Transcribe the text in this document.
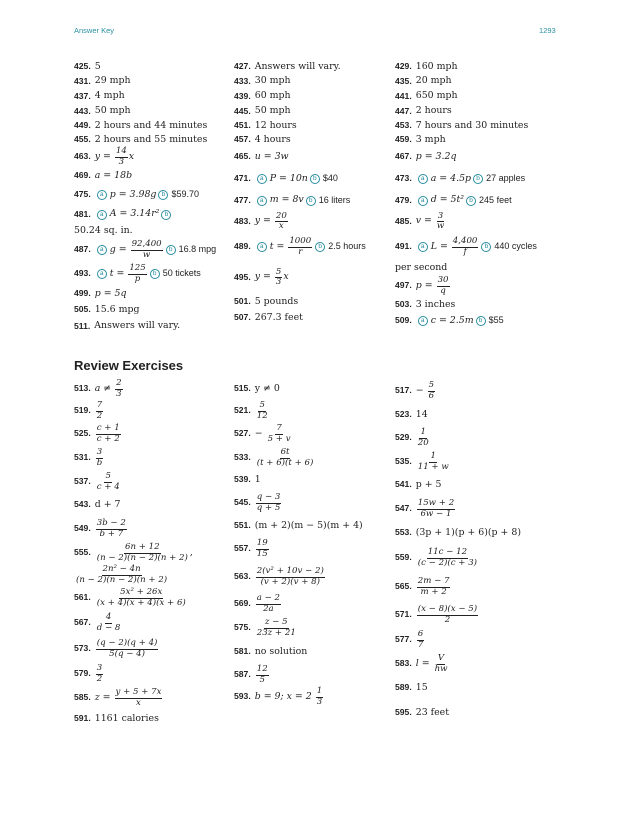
Answer Key	1293
425. 5
431. 29 mph
437. 4 mph
443. 50 mph
449. 2 hours and 44 minutes
455. 2 hours and 55 minutes
463. $y = \frac{14}{3}$ x
469. a = 18b
475.	a p = 3.98g b $59.70
481.	a A = 3.14r² b
50.24 sq. in.
487.	a $g = \frac{92,400}{w}$ b 16.8 mpg
493.	a $t = \frac{125}{p}$ b 50 tickets
499. p = 5q
505. 15.6 mpg
511. Answers will vary.
427. Answers will vary.
433. 30 mph
439. 60 mph
445. 50 mph
451. 12 hours
457. 4 hours
465. u = 3w
471.	a P = 10n b $40
477.	a m = 8v b 16 liters
483. $y = \frac{20}{x}$
489.	a $t = \frac{1000}{r}$ b 2.5 hours
495. $y = \frac{5}{3}$ x
501. 5 pounds
507. 267.3 feet
429. 160 mph
435. 20 mph
441. 650 mph
447. 2 hours
453. 7 hours and 30 minutes
459. 3 mph
467. p = 3.2q
473.	a a = 4.5p b 27 apples
479.	a d = 5t² b 245 feet
485. $v = \frac{3}{w}$
491.	a $L = \frac{4,400}{f}$ b 440 cycles
per second
497. $p = \frac{30}{q}$
503. 3 inches
509.	a c = 2.5m b $55
Review Exercises
513. $a \ne \frac{2}{3}$
519. $\frac{7}{2}$
525. $\frac{c + 1}{c + 2}$
531. $\frac{3}{b}$
537. $\frac{5}{c + 4}$
543. d + 7
549. $\frac{3b - 2}{b + 7}$
555. $\frac{6n + 12}{(n - 2)(n - 2)(n + 2)}$ ,
$\frac{\text{2n² − 4n}}{(n - 2)(n - 2)(n + 2)}$
561. $\frac{\text{5x² + 26x}}{(x + 4)(x + 4)(x + 6)}$
567. $\frac{4}{d - 8}$
573. $\frac{(q - 2)(q + 4)}{5(q - 4)}$
579. $\frac{3}{2}$
585. $z = \frac{y + 5 + 7x}{x}$
591. 1161 calories
515. y ≠ 0
521. $\frac{5}{12}$
527. − $\frac{7}{5 + v}$
533. $\frac{6t}{(t + 6)(t + 6)}$
539. 1
545. $\frac{q - 3}{q + 5}$
551. (m + 2)(m − 5)(m + 4)
557. $\frac{19}{15}$
563. $\frac{\text{2(v² + 10v − 2)}}{(v + 2)(v + 8)}$
569. $\frac{a - 2}{2a}$
575. $\frac{z - 5}{23z + 21}$
581. no solution
587. $\frac{12}{5}$
593. b = 9; $x = 2 \frac{1}{3}$
517. − $\frac{5}{6}$
523. 14
529. $\frac{1}{20}$
535. $\frac{1}{11 + w}$
541. p + 5
547. $\frac{15w + 2}{6w - 1}$
553. (3p + 1)(p + 6)(p + 8)
559. $\frac{11c - 12}{(c - 2)(c + 3)}$
565. $\frac{2m - 7}{m + 2}$
571. $\frac{(x - 8)(x - 5)}{2}$
577. $\frac{6}{7}$
583. $l = \frac{V}{hw}$
589. 15
595. 23 feet
